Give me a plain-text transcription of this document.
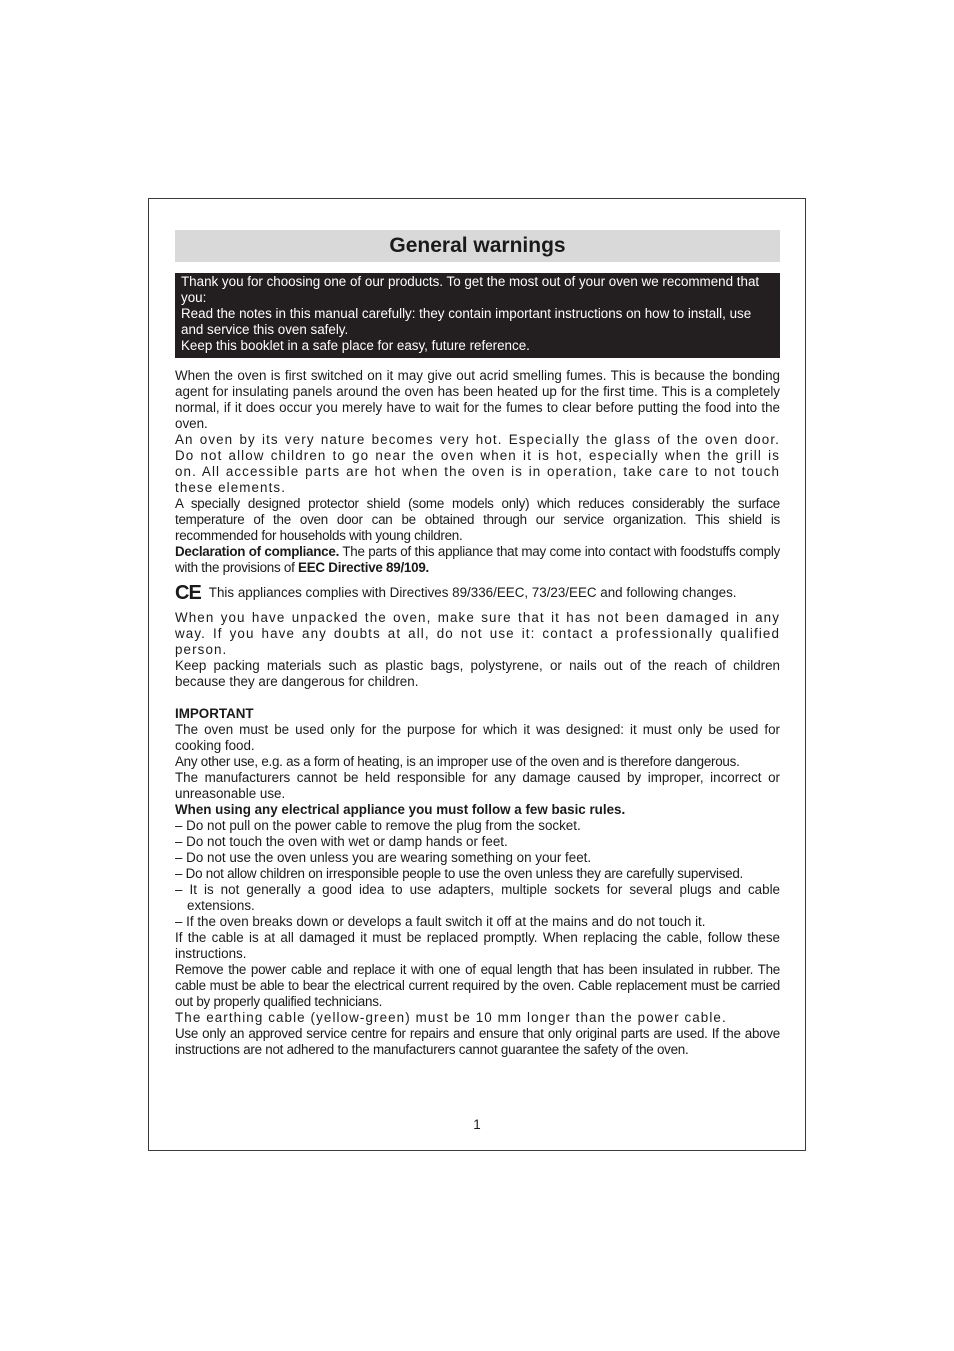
General warnings

Thank you for choosing one of our products. To get the most out of your oven we recommend that you:

Read the notes in this manual carefully: they contain important instructions on how to install, use and service this oven safely.

Keep this booklet in a safe place for easy, future reference.

When the oven is first switched on it may give out acrid smelling fumes. This is because the bonding agent for insulating panels around the oven has been heated up for the first time. This is a completely normal, if it does occur you merely have to wait for the fumes to clear before putting the food into the oven.

An oven by its very nature becomes very hot. Especially the glass of the oven door. Do not allow children to go near the oven when it is hot, especially when the grill is on. All accessible parts are hot when the oven is in operation, take care to not touch these elements.

A specially designed protector shield (some models only) which reduces considerably the surface temperature of the oven door can be obtained through our service organization. This shield is recommended for households with young children.

Declaration of compliance. The parts of this appliance that may come into contact with foodstuffs comply with the provisions of EEC Directive 89/109.

CE This appliances complies with Directives 89/336/EEC, 73/23/EEC and following changes.

When you have unpacked the oven, make sure that it has not been damaged in any way. If you have any doubts at all, do not use it: contact a professionally qualified person.

Keep packing materials such as plastic bags, polystyrene, or nails out of the reach of children because they are dangerous for children.

IMPORTANT

The oven must be used only for the purpose for which it was designed: it must only be used for cooking food.

Any other use, e.g. as a form of heating, is an improper use of the oven and is therefore dangerous.

The manufacturers cannot be held responsible for any damage caused by improper, incorrect or unreasonable use.

When using any electrical appliance you must follow a few basic rules.

– Do not pull on the power cable to remove the plug from the socket.

– Do not touch the oven with wet or damp hands or feet.

– Do not use the oven unless you are wearing something on your feet.

– Do not allow children on irresponsible people to use the oven unless they are carefully supervised.

– It is not generally a good idea to use adapters, multiple sockets for several plugs and cable extensions.

– If the oven breaks down or develops a fault switch it off at the mains and do not touch it.

If the cable is at all damaged it must be replaced promptly. When replacing the cable, follow these instructions.

Remove the power cable and replace it with one of equal length that has been insulated in rubber. The cable must be able to bear the electrical current required by the oven. Cable replacement must be carried out by properly qualified technicians.

The earthing cable (yellow-green) must be 10 mm longer than the power cable.

Use only an approved service centre for repairs and ensure that only original parts are used. If the above instructions are not adhered to the manufacturers cannot guarantee the safety of the oven.

1
